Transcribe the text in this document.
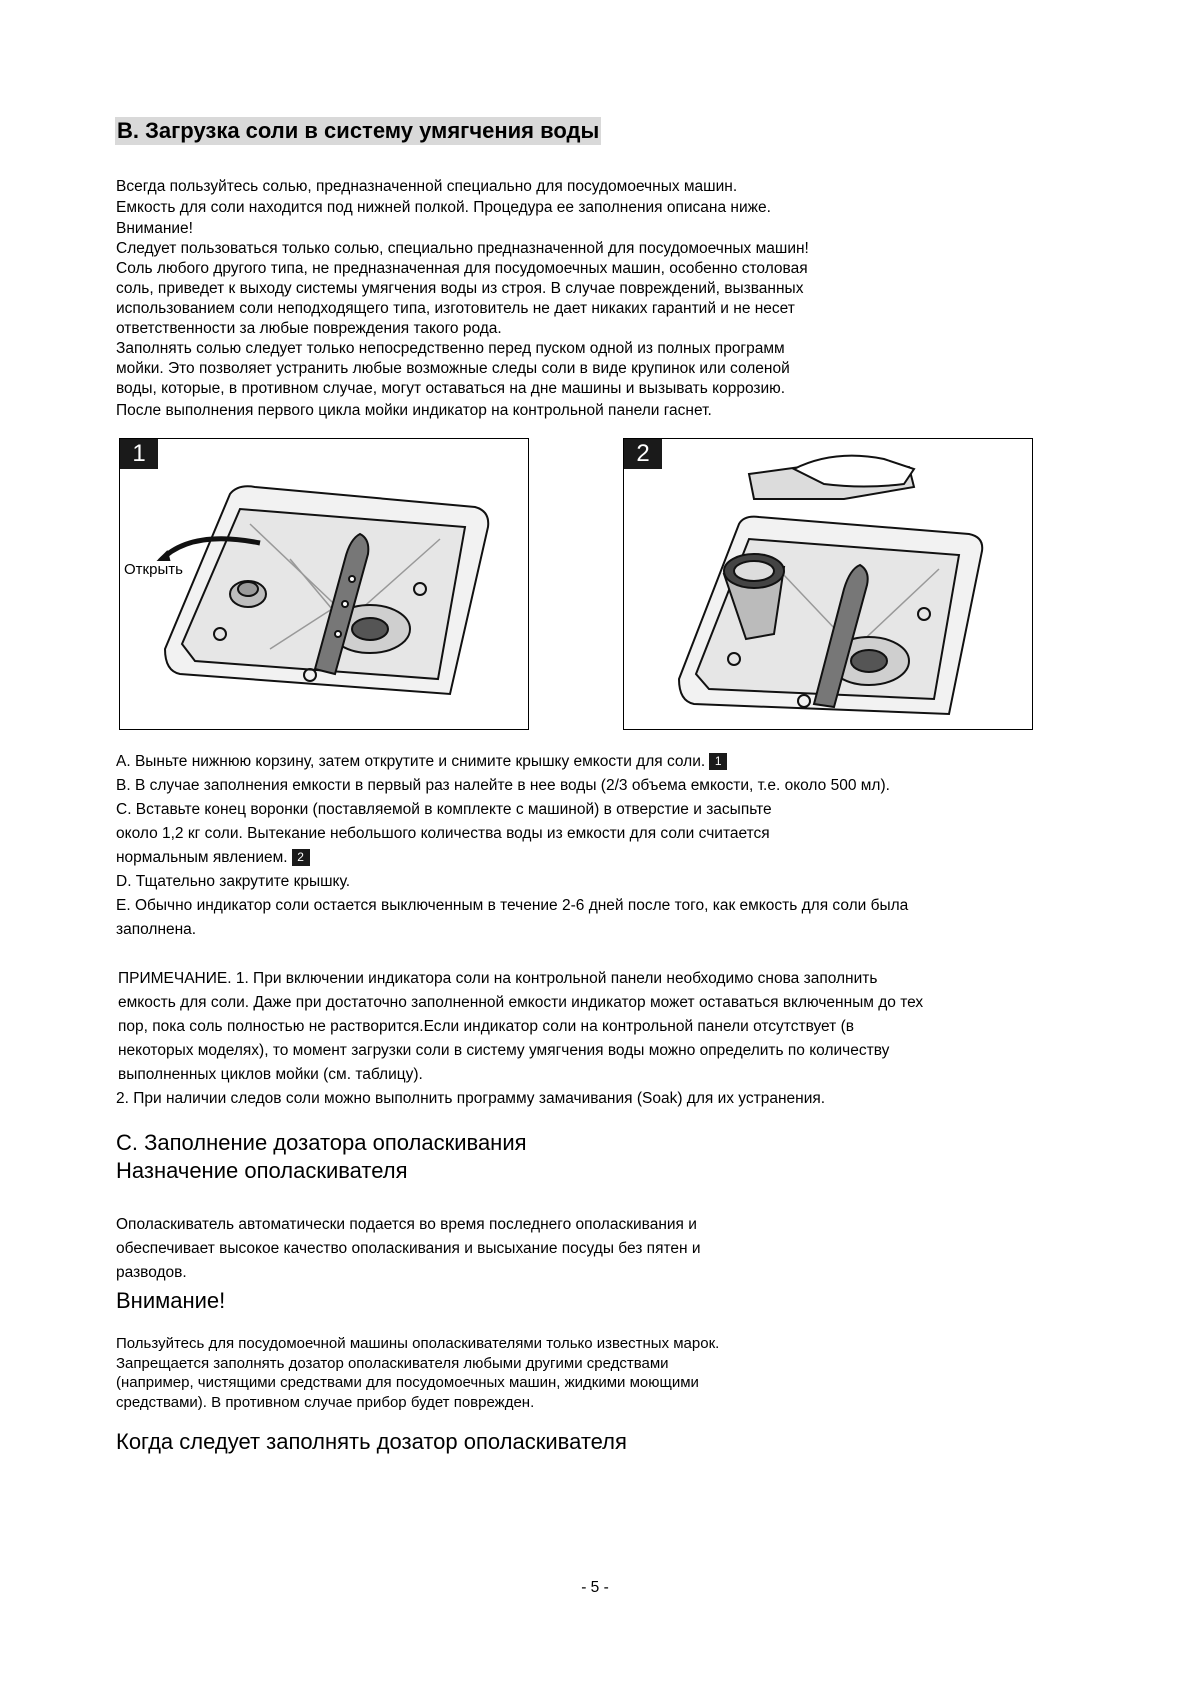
B. Загрузка соли в систему умягчения воды
Всегда пользуйтесь солью, предназначенной специально для посудомоечных машин.
Емкость для соли находится под нижней полкой. Процедура ее заполнения описана ниже.
Внимание!
Следует пользоваться только солью, специально предназначенной для посудомоечных машин!
Соль любого другого типа, не предназначенная для посудомоечных машин, особенно столовая
соль, приведет к выходу системы умягчения воды из строя. В случае повреждений, вызванных
использованием соли неподходящего типа, изготовитель не дает никаких гарантий и не несет
ответственности за любые повреждения такого рода.
Заполнять солью следует только непосредственно перед пуском одной из полных программ
мойки. Это позволяет устранить любые возможные следы соли в виде крупинок или соленой
воды, которые, в противном случае, могут оставаться на дне машины и вызывать коррозию.
После выполнения первого цикла мойки индикатор на контрольной панели гаснет.
1
Открыть
2
A. Выньте нижнюю корзину, затем открутите и снимите крышку емкости для соли. 1
B. В случае заполнения емкости в первый раз налейте в нее воды (2/3 объема емкости, т.е. около 500 мл).
C. Вставьте конец воронки (поставляемой в комплекте с машиной) в отверстие и засыпьте
около 1,2 кг соли. Вытекание небольшого количества воды из емкости для соли считается
нормальным явлением. 2
D. Тщательно закрутите крышку.
E. Обычно индикатор соли остается выключенным в течение 2-6 дней после того, как емкость для соли была
заполнена.
ПРИМЕЧАНИЕ. 1. При включении индикатора соли на контрольной панели необходимо снова заполнить
емкость для соли. Даже при достаточно заполненной емкости индикатор может оставаться включенным до тех
пор, пока соль полностью не растворится.Если индикатор соли на контрольной панели отсутствует (в
некоторых моделях), то момент загрузки соли в систему умягчения воды можно определить по количеству
выполненных циклов мойки (см. таблицу).
2. При наличии следов соли можно выполнить программу замачивания (Soak) для их устранения.
C. Заполнение дозатора ополаскивания
Назначение ополаскивателя
Ополаскиватель автоматически подается во время последнего ополаскивания и
обеспечивает высокое качество ополаскивания и высыхание посуды без пятен и
разводов.
Внимание!
Пользуйтесь для посудомоечной машины ополаскивателями только известных марок.
Запрещается заполнять дозатор ополаскивателя любыми другими средствами
(например, чистящими средствами для посудомоечных машин, жидкими моющими
средствами). В противном случае прибор будет поврежден.
Когда следует заполнять дозатор ополаскивателя
- 5 -
